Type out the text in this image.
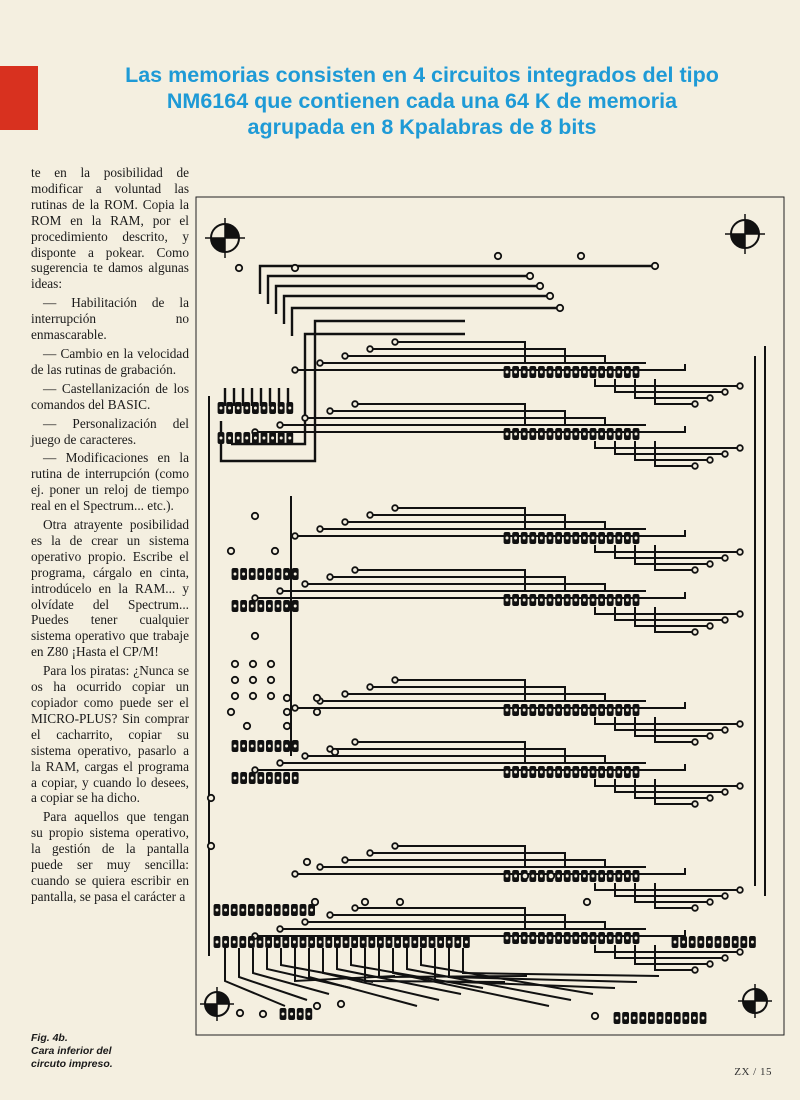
Las memorias consisten en 4 circuitos integrados del tipo
NM6164 que contienen cada una 64 K de memoria
agrupada en 8 Kpalabras de 8 bits

te en la posibilidad de modificar a voluntad las rutinas de la ROM. Copia la ROM en la RAM, por el procedimiento descrito, y disponte a pokear. Como sugerencia te damos algunas ideas:

— Habilitación de la interrupción no enmascarable.

— Cambio en la velocidad de las rutinas de grabación.

— Castellanización de los comandos del BASIC.

— Personalización del juego de caracteres.

— Modificaciones en la rutina de interrupción (como ej. poner un reloj de tiempo real en el Spectrum... etc.).

Otra atrayente posibilidad es la de crear un sistema operativo propio. Escribe el programa, cárgalo en cinta, introdúcelo en la RAM... y olvídate del Spectrum... Puedes tener cualquier sistema operativo que trabaje en Z80 ¡Hasta el CP/M!

Para los piratas: ¿Nunca se os ha ocurrido copiar un copiador como puede ser el MICRO-PLUS? Sin comprar el cacharrito, copiar su sistema operativo, pasarlo a la RAM, cargas el programa a copiar, y cuando lo desees, a copiar se ha dicho.

Para aquellos que tengan su propio sistema operativo, la gestión de la pantalla puede ser muy sencilla: cuando se quiera escribir en pantalla, se pasa el carácter a

Fig. 4b.
Cara inferior del
circuto impreso.
ZX / 15
